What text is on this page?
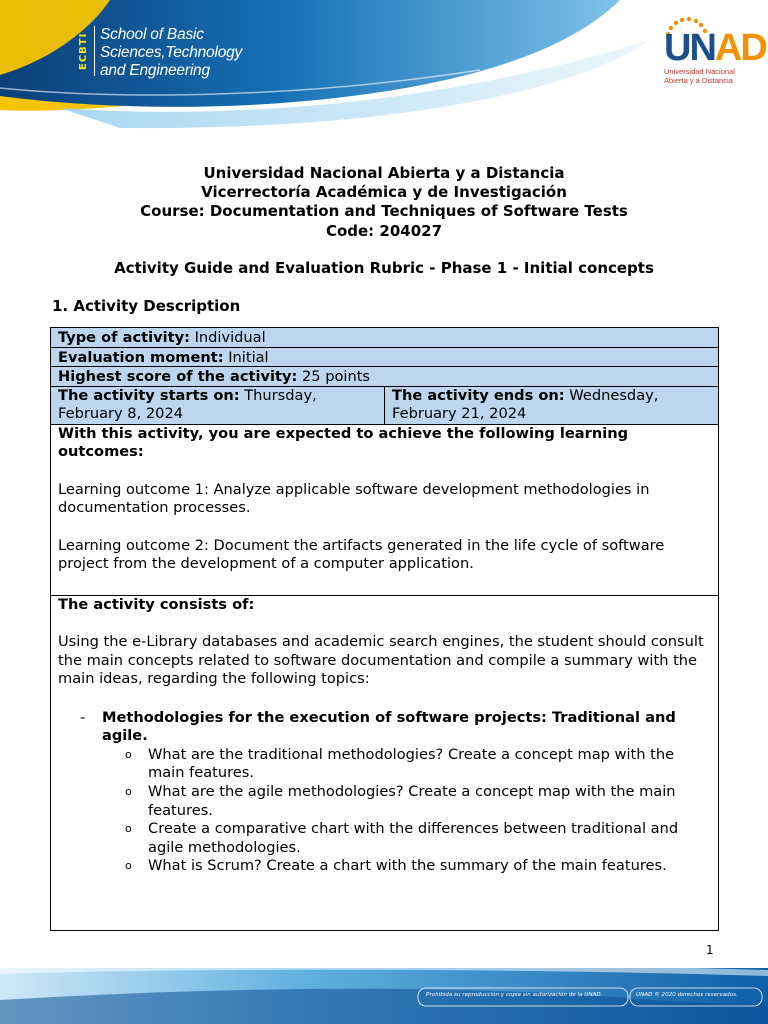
ECBTI School of Basic
Sciences,Technology
and Engineering
UNAD
Universidad Nacional
Abierta y a Distancia
Universidad Nacional Abierta y a Distancia
Vicerrectoría Académica y de Investigación
Course: Documentation and Techniques of Software Tests
Code: 204027
Activity Guide and Evaluation Rubric - Phase 1 - Initial concepts
1. Activity Description
Type of activity: Individual
Evaluation moment: Initial
Highest score of the activity: 25 points
The activity starts on: Thursday, February 8, 2024
The activity ends on: Wednesday, February 21, 2024

With this activity, you are expected to achieve the following learning outcomes:

Learning outcome 1: Analyze applicable software development methodologies in documentation processes.

Learning outcome 2: Document the artifacts generated in the life cycle of software project from the development of a computer application.

The activity consists of:

Using the e-Library databases and academic search engines, the student should consult the main concepts related to software documentation and compile a summary with the main ideas, regarding the following topics:

- Methodologies for the execution of software projects: Traditional and agile.
o What are the traditional methodologies? Create a concept map with the main features.
o What are the agile methodologies? Create a concept map with the main features.
o Create a comparative chart with the differences between traditional and agile methodologies.
o What is Scrum? Create a chart with the summary of the main features.
1
Prohibida su reproducción y copia sin autorización de la UNAD.	UNAD © 2020 derechos reservados.
